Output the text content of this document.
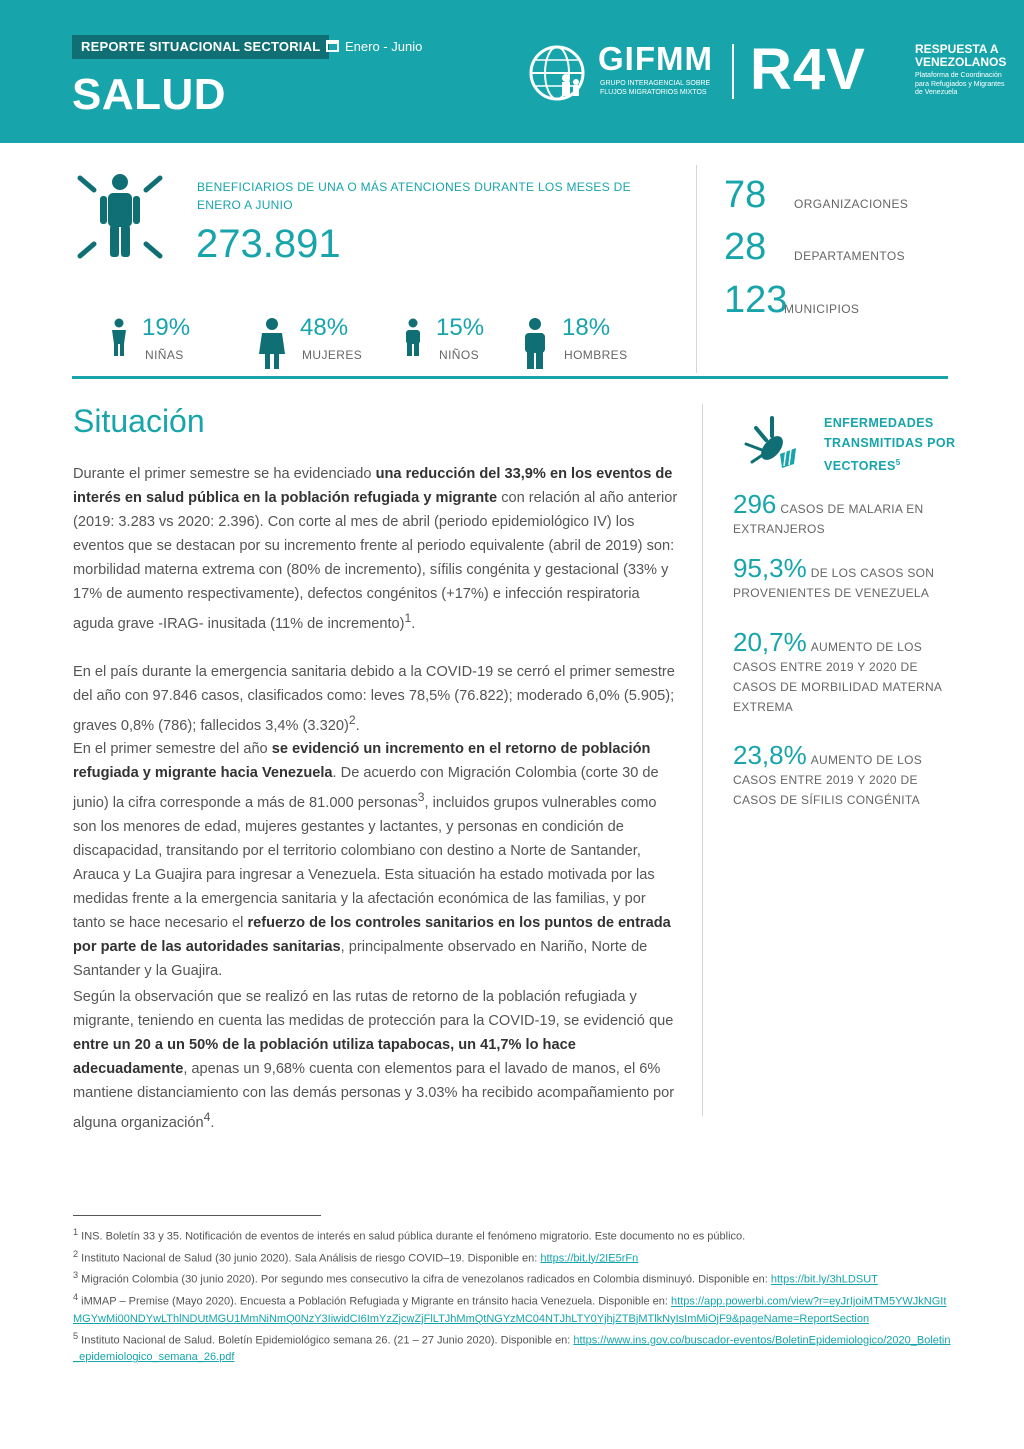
REPORTE SITUACIONAL SECTORIAL	Enero - Junio
SALUD
GIFMM
GRUPO INTERAGENCIAL SOBRE FLUJOS MIGRATORIOS MIXTOS R4V	RESPUESTA A VENEZOLANOS
Plataforma de Coordinación para Refugiados y Migrantes de Venezuela
BENEFICIARIOS DE UNA O MÁS ATENCIONES DURANTE LOS MESES DE ENERO A JUNIO
273.891
19%
NIÑAS
48%
MUJERES
15%
NIÑOS
18%
HOMBRES
78 ORGANIZACIONES
28 DEPARTAMENTOS
123
MUNICIPIOS
Situación
Durante el primer semestre se ha evidenciado una reducción del 33,9% en los eventos de interés en salud pública en la población refugiada y migrante con relación al año anterior (2019: 3.283 vs 2020: 2.396). Con corte al mes de abril (periodo epidemiológico IV) los eventos que se destacan por su incremento frente al periodo equivalente (abril de 2019) son: morbilidad materna extrema con (80% de incremento), sífilis congénita y gestacional (33% y 17% de aumento respectivamente), defectos congénitos (+17%) e infección respiratoria aguda grave -IRAG- inusitada (11% de incremento)$^1$.
En el país durante la emergencia sanitaria debido a la COVID-19 se cerró el primer semestre del año con 97.846 casos, clasificados como: leves 78,5% (76.822); moderado 6,0% (5.905); graves 0,8% (786); fallecidos 3,4% $(3.320)^2$.
En el primer semestre del año se evidenció un incremento en el retorno de población refugiada y migrante hacia Venezuela. De acuerdo con Migración Colombia (corte 30 de junio) la cifra corresponde a más de 81.000 personas$^3$, incluidos grupos vulnerables como son los menores de edad, mujeres gestantes y lactantes, y personas en condición de discapacidad, transitando por el territorio colombiano con destino a Norte de Santander, Arauca y La Guajira para ingresar a Venezuela. Esta situación ha estado motivada por las medidas frente a la emergencia sanitaria y la afectación económica de las familias, y por tanto se hace necesario el refuerzo de los controles sanitarios en los puntos de entrada por parte de las autoridades sanitarias, principalmente observado en Nariño, Norte de Santander y la Guajira.
Según la observación que se realizó en las rutas de retorno de la población refugiada y migrante, teniendo en cuenta las medidas de protección para la COVID-19, se evidenció que entre un 20 a un 50% de la población utiliza tapabocas, un 41,7% lo hace adecuadamente, apenas un 9,68% cuenta con elementos para el lavado de manos, el 6% mantiene distanciamiento con las demás personas y 3.03% ha recibido acompañamiento por alguna organización$^4$.
ENFERMEDADES TRANSMITIDAS POR VECTORES$^5$
296 CASOS DE MALARIA EN EXTRANJEROS
95,3% DE LOS CASOS SON PROVENIENTES DE VENEZUELA
20,7% AUMENTO DE LOS CASOS ENTRE 2019 Y 2020 DE CASOS DE MORBILIDAD MATERNA EXTREMA
23,8% AUMENTO DE LOS CASOS ENTRE 2019 Y 2020 DE CASOS DE SÍFILIS CONGÉNITA

$^1$ INS. Boletín 33 y 35. Notificación de eventos de interés en salud pública durante el fenómeno migratorio. Este documento no es público.

$^2$ Instituto Nacional de Salud (30 junio 2020). Sala Análisis de riesgo COVID–19. Disponible en: https://bit.ly/2IE5rFn

$^3$ Migración Colombia (30 junio 2020). Por segundo mes consecutivo la cifra de venezolanos radicados en Colombia disminuyó. Disponible en: https://bit.ly/3hLDSUT

$^4$ iMMAP – Premise (Mayo 2020). Encuesta a Población Refugiada y Migrante en tránsito hacia Venezuela. Disponible en: https://app.powerbi.com/view?r=eyJrIjoiMTM5YWJkNGItMGYwMi00NDYwLThlNDUtMGU1MmNiNmQ0NzY3IiwidCI6ImYzZjcwZjFlLTJhMmQtNGYzMC04NTJhLTY0YjhjZTBjMTlkNyIsImMiOjF9&pageName=ReportSection

$^5$ Instituto Nacional de Salud. Boletín Epidemiológico semana 26. (21 – 27 Junio 2020). Disponible en: https://www.ins.gov.co/buscador-eventos/BoletinEpidemiologico/2020_Boletin_epidemiologico_semana_26.pdf
